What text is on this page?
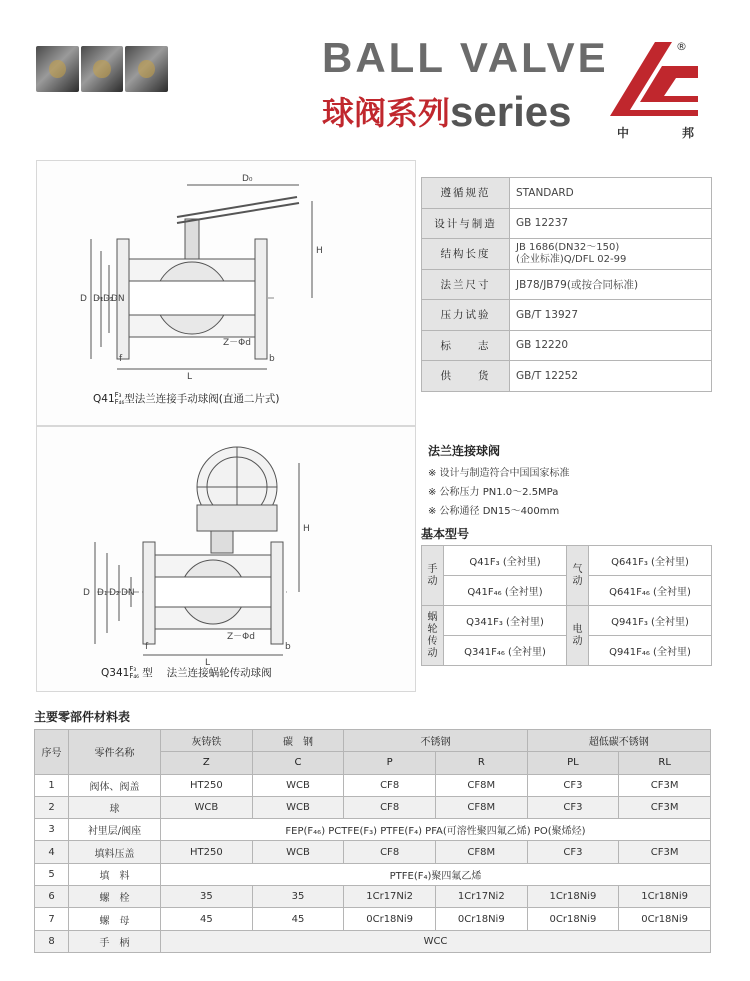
BALL VALVE
球阀系列series
®
中	邦
D₀
H
D D₁ D₂
DN
Z－Φd
f	b
L
Q41 F₃
F₄₆ 型法兰连接手动球阀(直通二片式)
H
D D₁ D₂ DN
Z－Φd
f	b
L
Q341 F₃
F₄₆ 型　 法兰连接蜗轮传动球阀
遵循规范	STANDARD
设计与制造	GB 12237
结构长度	JB 1686(DN32～150)
(企业标准)Q/DFL 02-99

法兰尺寸	JB78/JB79(或按合同标准)
压力试验	GB/T 13927
标　　志	GB 12220
供　　货	GB/T 12252
法兰连接球阀
※ 设计与制造符合中国国家标准
※ 公称压力 PN1.0～2.5MPa
※ 公称通径 DN15～400mm
基本型号
手动	Q41F₃ (全衬里)	气动	Q641F₃ (全衬里)
	Q41F₄₆ (全衬里)		Q641F₄₆ (全衬里)
蜗轮传动	Q341F₃ (全衬里)	电动	Q941F₃ (全衬里)
	Q341F₄₆ (全衬里)		Q941F₄₆ (全衬里)
主要零部件材料表
序号	零件名称	灰铸铁	碳　钢	不锈钢		超低碳不锈钢	
		Z	C	P	R	PL	RL
1	阀体、阀盖	HT250	WCB	CF8	CF8M	CF3	CF3M
2	球	WCB	WCB	CF8	CF8M	CF3	CF3M
3	衬里层/阀座	FEP(F₄₆) PCTFE(F₃) PTFE(F₄) PFA(可溶性聚四氟乙烯) PO(聚烯烃)					
4	填料压盖	HT250	WCB	CF8	CF8M	CF3	CF3M
5	填　料	PTFE(F₄)聚四氟乙烯					
6	螺　栓	35	35	1Cr17Ni2	1Cr17Ni2	1Cr18Ni9	1Cr18Ni9
7	螺　母	45	45	0Cr18Ni9	0Cr18Ni9	0Cr18Ni9	0Cr18Ni9
8	手　柄	WCC					
